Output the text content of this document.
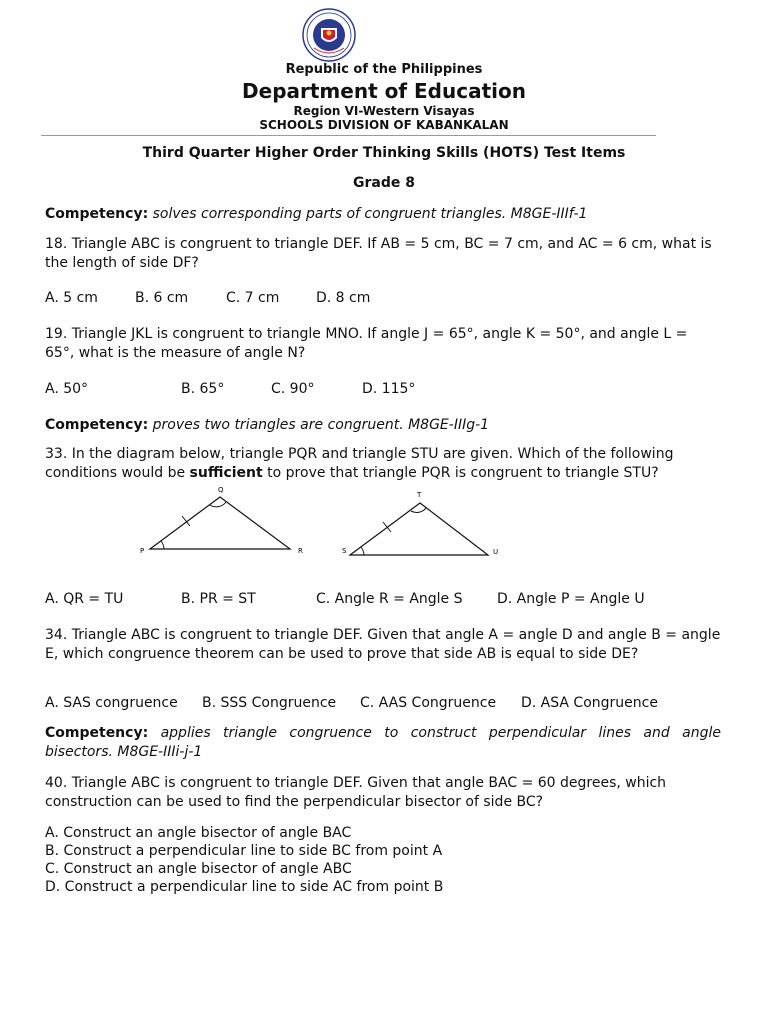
Republic of the Philippines
Department of Education
Region VI-Western Visayas
SCHOOLS DIVISION OF KABANKALAN
Third Quarter Higher Order Thinking Skills (HOTS) Test Items
Grade 8
Competency: solves corresponding parts of congruent triangles. M8GE-IIIf-1
18. Triangle ABC is congruent to triangle DEF. If AB = 5 cm, BC = 7 cm, and AC = 6 cm, what is the length of side DF?
A. 5 cm	B. 6 cm	C. 7 cm	D. 8 cm
19. Triangle JKL is congruent to triangle MNO. If angle J = 65°, angle K = 50°, and angle L = 65°, what is the measure of angle N?
A. 50°	B. 65°	C. 90°	D. 115°
Competency: proves two triangles are congruent. M8GE-IIIg-1
33. In the diagram below, triangle PQR and triangle STU are given. Which of the following conditions would be sufficient to prove that triangle PQR is congruent to triangle STU?
P
Q
R	S
T
U
A. QR = TU	B. PR = ST	C. Angle R = Angle S D. Angle P = Angle U
34. Triangle ABC is congruent to triangle DEF. Given that angle A = angle D and angle B = angle E, which congruence theorem can be used to prove that side AB is equal to side DE?
A. SAS congruence B. SSS Congruence C. AAS Congruence D. ASA Congruence
Competency: applies triangle congruence to construct perpendicular lines and angle bisectors. M8GE-IIIi-j-1
40. Triangle ABC is congruent to triangle DEF. Given that angle BAC = 60 degrees, which construction can be used to find the perpendicular bisector of side BC?
A. Construct an angle bisector of angle BAC
B. Construct a perpendicular line to side BC from point A
C. Construct an angle bisector of angle ABC
D. Construct a perpendicular line to side AC from point B
